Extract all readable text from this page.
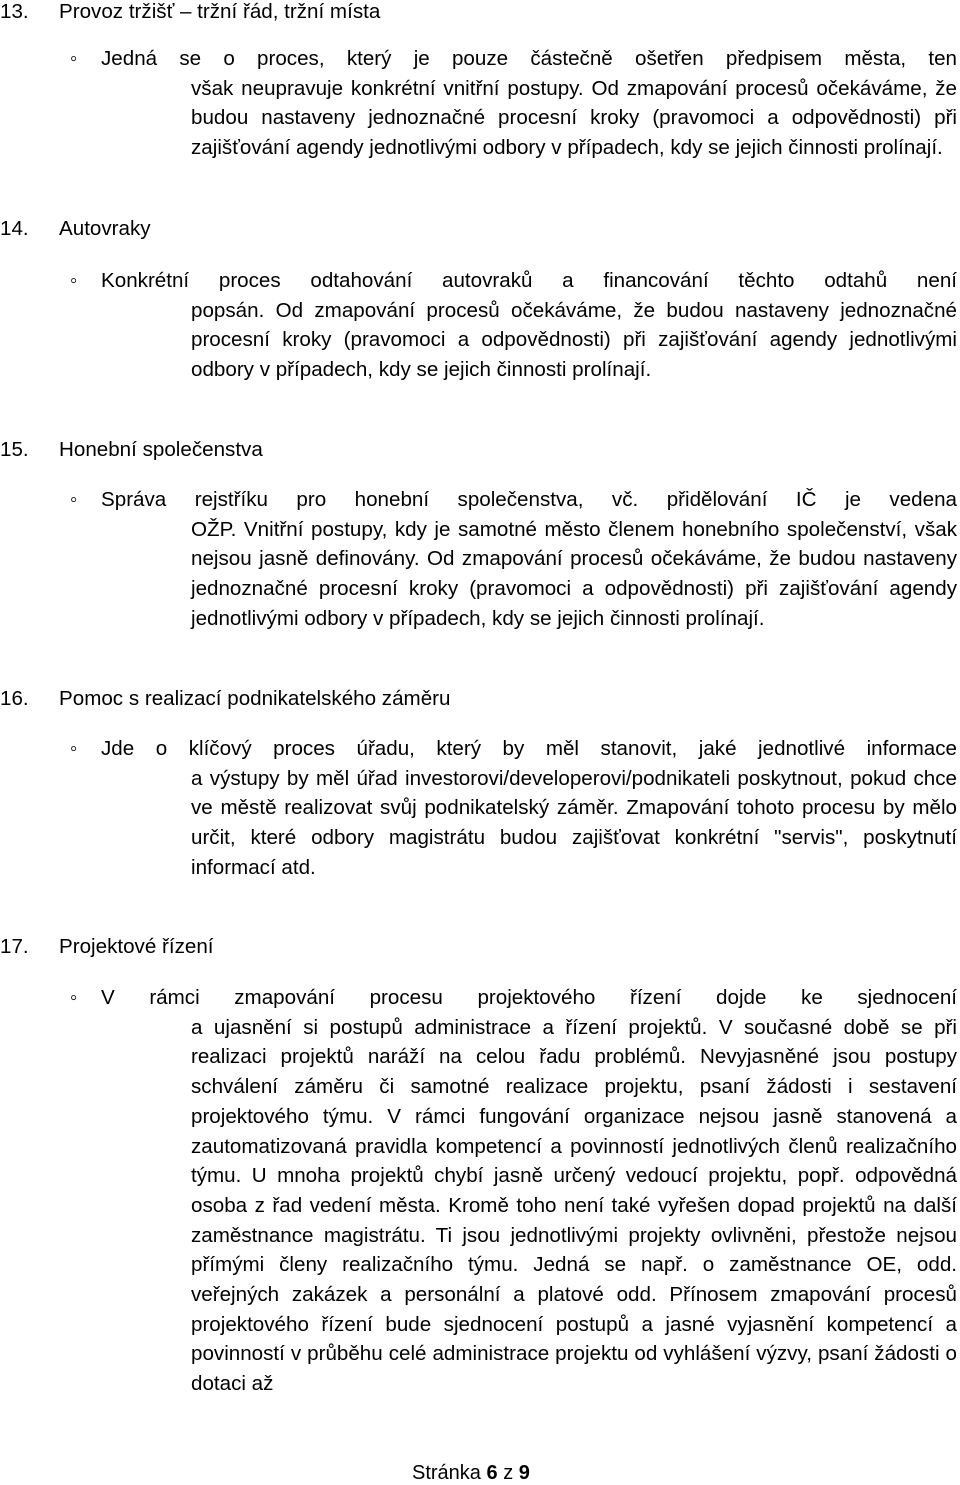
13. Provoz tržišť – tržní řád, tržní místa
◦ Jedná se o proces, který je pouze částečně ošetřen předpisem města, ten
však neupravuje konkrétní vnitřní postupy. Od zmapování procesů očekáváme, že budou nastaveny jednoznačné procesní kroky (pravomoci a odpovědnosti) při zajišťování agendy jednotlivými odbory v případech, kdy se jejich činnosti prolínají.
14. Autovraky
◦ Konkrétní proces odtahování autovraků a financování těchto odtahů není
popsán. Od zmapování procesů očekáváme, že budou nastaveny jednoznačné procesní kroky (pravomoci a odpovědnosti) při zajišťování agendy jednotlivými odbory v případech, kdy se jejich činnosti prolínají.
15. Honební společenstva
◦ Správa rejstříku pro honební společenstva, vč. přidělování IČ je vedena
OŽP. Vnitřní postupy, kdy je samotné město členem honebního společenství, však nejsou jasně definovány. Od zmapování procesů očekáváme, že budou nastaveny jednoznačné procesní kroky (pravomoci a odpovědnosti) při zajišťování agendy jednotlivými odbory v případech, kdy se jejich činnosti prolínají.
16. Pomoc s realizací podnikatelského záměru
◦ Jde o klíčový proces úřadu, který by měl stanovit, jaké jednotlivé informace
a výstupy by měl úřad investorovi/developerovi/podnikateli poskytnout, pokud chce ve městě realizovat svůj podnikatelský záměr. Zmapování tohoto procesu by mělo určit, které odbory magistrátu budou zajišťovat konkrétní "servis", poskytnutí informací atd.
17. Projektové řízení
◦ V rámci zmapování procesu projektového řízení dojde ke sjednocení
a ujasnění si postupů administrace a řízení projektů. V současné době se při realizaci projektů naráží na celou řadu problémů. Nevyjasněné jsou postupy schválení záměru či samotné realizace projektu, psaní žádosti i sestavení projektového týmu. V rámci fungování organizace nejsou jasně stanovená a zautomatizovaná pravidla kompetencí a povinností jednotlivých členů realizačního týmu. U mnoha projektů chybí jasně určený vedoucí projektu, popř. odpovědná osoba z řad vedení města. Kromě toho není také vyřešen dopad projektů na další zaměstnance magistrátu. Ti jsou jednotlivými projekty ovlivněni, přestože nejsou přímými členy realizačního týmu. Jedná se např. o zaměstnance OE, odd. veřejných zakázek a personální a platové odd. Přínosem zmapování procesů projektového řízení bude sjednocení postupů a jasné vyjasnění kompetencí a povinností v průběhu celé administrace projektu od vyhlášení výzvy, psaní žádosti o dotaci až
Stránka 6 z 9
